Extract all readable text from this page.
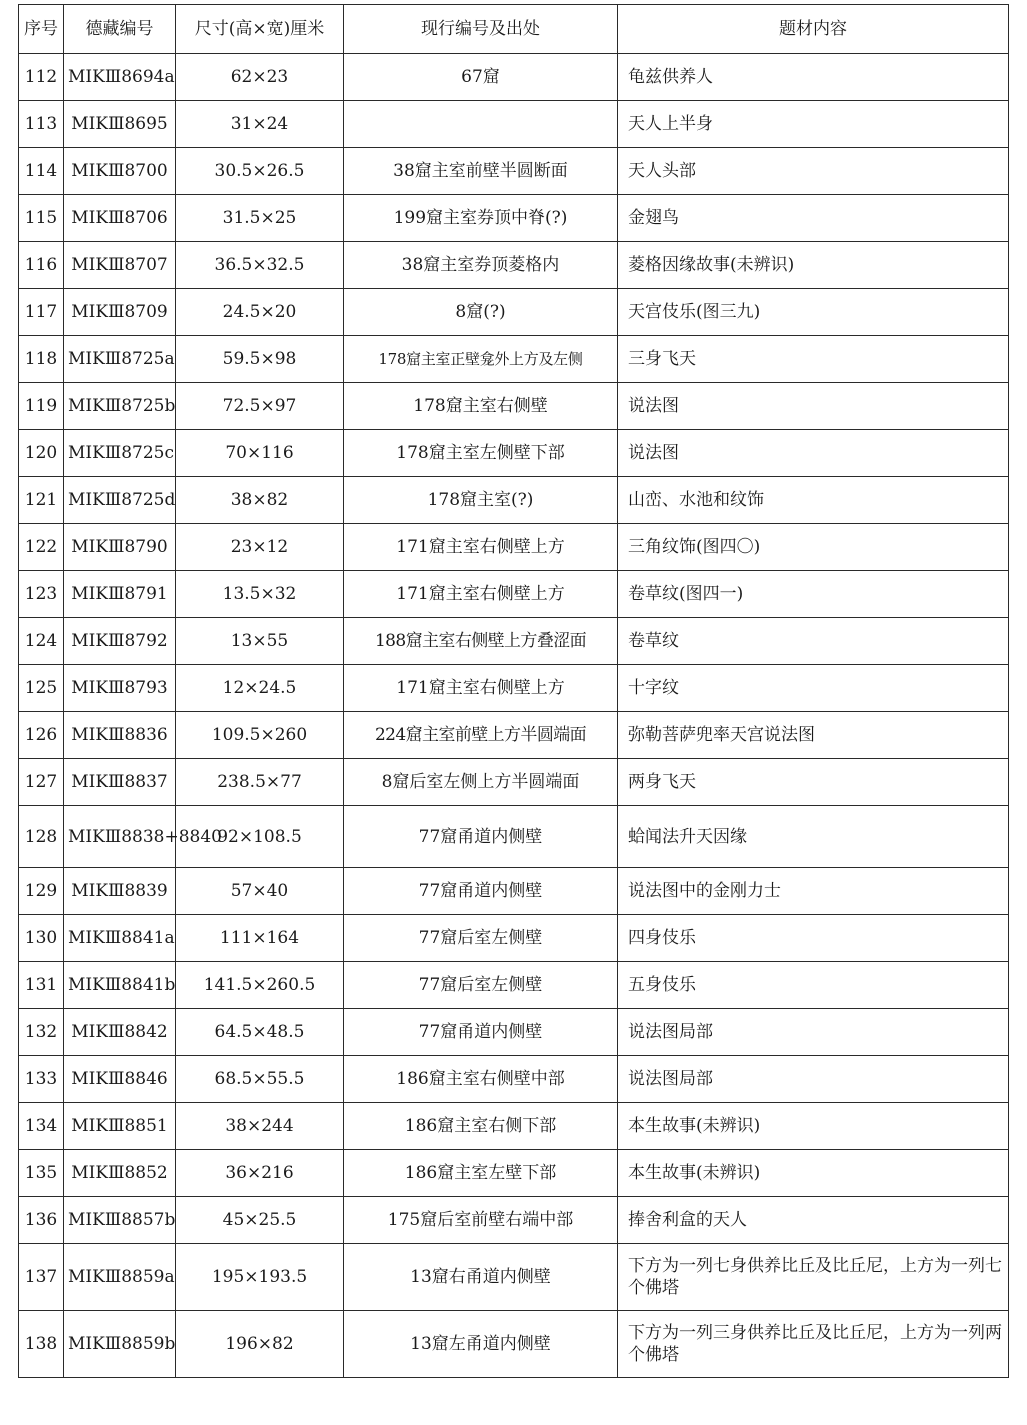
序号	德藏编号	尺寸(高×宽)厘米	现行编号及出处	题材内容
112	MIKⅢ8694a	62×23	67窟	龟兹供养人
113	MIKⅢ8695	31×24		天人上半身
114	MIKⅢ8700	30.5×26.5	38窟主室前壁半圆断面	天人头部
115	MIKⅢ8706	31.5×25	199窟主室券顶中脊(?)	金翅鸟
116	MIKⅢ8707	36.5×32.5	38窟主室券顶菱格内	菱格因缘故事(未辨识)
117	MIKⅢ8709	24.5×20	8窟(?)	天宫伎乐(图三九)
118	MIKⅢ8725a	59.5×98	178窟主室正壁龛外上方及左侧	三身飞天
119	MIKⅢ8725b	72.5×97	178窟主室右侧壁	说法图
120	MIKⅢ8725c	70×116	178窟主室左侧壁下部	说法图
121	MIKⅢ8725d	38×82	178窟主室(?)	山峦、水池和纹饰
122	MIKⅢ8790	23×12	171窟主室右侧壁上方	三角纹饰(图四〇)
123	MIKⅢ8791	13.5×32	171窟主室右侧壁上方	卷草纹(图四一)
124	MIKⅢ8792	13×55	188窟主室右侧壁上方叠涩面	卷草纹
125	MIKⅢ8793	12×24.5	171窟主室右侧壁上方	十字纹
126	MIKⅢ8836	109.5×260	224窟主室前壁上方半圆端面	弥勒菩萨兜率天宫说法图
127	MIKⅢ8837	238.5×77	8窟后室左侧上方半圆端面	两身飞天
128	MIKⅢ8838+8840	92×108.5	77窟甬道内侧壁	蛤闻法升天因缘
129	MIKⅢ8839	57×40	77窟甬道内侧壁	说法图中的金刚力士
130	MIKⅢ8841a	111×164	77窟后室左侧壁	四身伎乐
131	MIKⅢ8841b	141.5×260.5	77窟后室左侧壁	五身伎乐
132	MIKⅢ8842	64.5×48.5	77窟甬道内侧壁	说法图局部
133	MIKⅢ8846	68.5×55.5	186窟主室右侧壁中部	说法图局部
134	MIKⅢ8851	38×244	186窟主室右侧下部	本生故事(未辨识)
135	MIKⅢ8852	36×216	186窟主室左壁下部	本生故事(未辨识)
136	MIKⅢ8857b	45×25.5	175窟后室前壁右端中部	捧舍利盒的天人
137	MIKⅢ8859a	195×193.5	13窟右甬道内侧壁	下方为一列七身供养比丘及比丘尼，上方为一列七个佛塔
138	MIKⅢ8859b	196×82	13窟左甬道内侧壁	下方为一列三身供养比丘及比丘尼，上方为一列两个佛塔
